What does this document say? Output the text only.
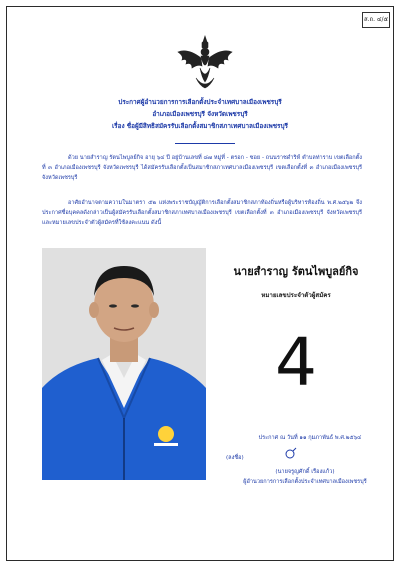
ส.ถ. ๔/๕
ประกาศผู้อำนวยการการเลือกตั้งประจำเทศบาลเมืองเพชรบุรี
อำเภอเมืองเพชรบุรี จังหวัดเพชรบุรี
เรื่อง ชื่อผู้มีสิทธิสมัครรับเลือกตั้งสมาชิกสภาเทศบาลเมืองเพชรบุรี
ด้วย นายสำราญ รัตนไพบูลย์กิจ อายุ ๖๔ ปี อยู่บ้านเลขที่ ๘๗ หมู่ที่ - ตรอก - ซอย - ถนนราชดำริห์ ตำบลท่าราบ เขตเลือกตั้งที่ ๓ อำเภอเมืองเพชรบุรี จังหวัดเพชรบุรี ได้สมัครรับเลือกตั้งเป็นสมาชิกสภาเทศบาลเมืองเพชรบุรี เขตเลือกตั้งที่ ๓ อำเภอเมืองเพชรบุรี จังหวัดเพชรบุรี
อาศัยอำนาจตามความในมาตรา ๕๒ แห่งพระราชบัญญัติการเลือกตั้งสมาชิกสภาท้องถิ่นหรือผู้บริหารท้องถิ่น พ.ศ.๒๕๖๒ จึงประกาศชื่อบุคคลดังกล่าวเป็นผู้สมัครรับเลือกตั้งสมาชิกสภาเทศบาลเมืองเพชรบุรี เขตเลือกตั้งที่ ๓ อำเภอเมืองเพชรบุรี จังหวัดเพชรบุรี และหมายเลขประจำตัวผู้สมัครที่ใช้ลงคะแนน ดังนี้
นายสำราญ รัตนไพบูลย์กิจ
หมายเลขประจำตัวผู้สมัคร
4
ประกาศ ณ วันที่ ๑๑ กุมภาพันธ์ พ.ศ.๒๕๖๔
(ลงชื่อ)
(นายจรูญศักดิ์ เรืองแก้ว)
ผู้อำนวยการการเลือกตั้งประจำเทศบาลเมืองเพชรบุรี
